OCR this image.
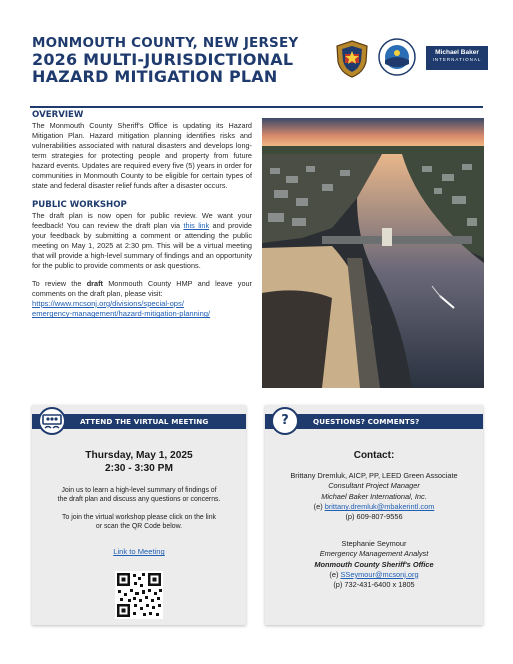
MONMOUTH COUNTY, NEW JERSEY
2026 MULTI-JURISDICTIONAL
HAZARD MITIGATION PLAN
Michael Baker
INTERNATIONAL
OVERVIEW

The Monmouth County Sheriff's Office is updating its Hazard Mitigation Plan. Hazard mitigation planning identifies risks and vulnerabilities associated with natural disasters and develops long-term strategies for protecting people and property from future hazard events. Updates are required every five (5) years in order for communities in Monmouth County to be eligible for certain types of state and federal disaster relief funds after a disaster occurs.

PUBLIC WORKSHOP

The draft plan is now open for public review. We want your feedback! You can review the draft plan via this link and provide your feedback by submitting a comment or attending the public meeting on May 1, 2025 at 2:30 pm. This will be a virtual meeting that will provide a high-level summary of findings and an opportunity for the public to provide comments or ask questions.

To review the draft Monmouth County HMP and leave your comments on the draft plan, please visit:

https://www.mcsonj.org/divisions/special-ops/
emergency-management/hazard-mitigation-planning/
ATTEND THE VIRTUAL MEETING
Thursday, May 1, 2025
2:30 - 3:30 PM
Join us to learn a high-level summary of findings of
the draft plan and discuss any questions or concerns.
To join the virtual workshop please click on the link
or scan the QR Code below.
Link to Meeting
QUESTIONS? COMMENTS?
?
Contact:
Brittany Dremluk, AICP, PP, LEED Green Associate
Consultant Project Manager
Michael Baker International, Inc.
(e) brittany.dremluk@mbakerintl.com
(p) 609-807-9556
Stephanie Seymour
Emergency Management Analyst
Monmouth County Sheriff's Office
(e) SSeymour@mcsonj.org
(p) 732-431-6400 x 1805
